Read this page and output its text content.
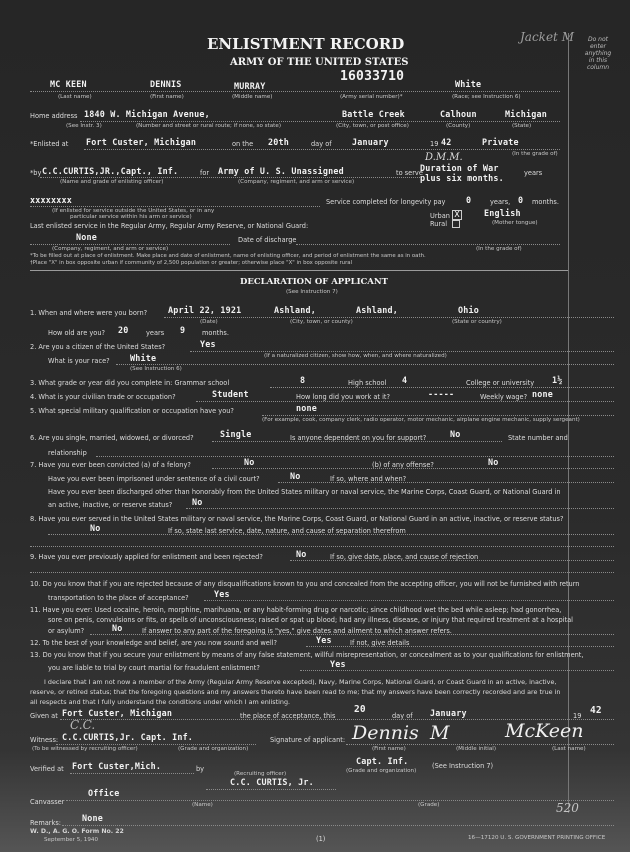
ENLISTMENT RECORD
ARMY OF THE UNITED STATES
Jacket M	Do not
enter
anything
in this
column
MC KEEN	DENNIS	MURRAY
16033710	White
(Last name)	(First name)	(Middle name)	(Army serial number)*	(Race; see Instruction 6)
Home address 1840 W. Michigan Avenue,	Battle Creek	Calhoun	Michigan
(See Instr. 3)	(Number and street or rural route; if none, so state)	(City, town, or post office)	(County)	(State)
*Enlisted at Fort Custer, Michigan	on the 20th	day of January	19 42	Private
(In the grade of)
D.M.M.
*by C.C.CURTIS,JR.,Capt., Inf.	for Army of U. S. Unassigned	to serve
Duration of War
plus six months.	years
(Name and grade of enlisting officer)	(Company, regiment, and arm or service)
xxxxxxxx
(If enlisted for service outside the United States, or in any
particular service within his arm or service)
Service completed for longevity pay 0	years, 0 months.
Urban X
Rural
English
(Mother tongue)
Last enlisted service in the Regular Army, Regular Army Reserve, or National Guard:
None	Date of discharge
(Company, regiment, and arm or service)	(In the grade of)
*To be filled out at place of enlistment. Make place and date of enlistment, name of enlisting officer, and period of enlistment the same as in oath.
†Place "X" in box opposite urban if community of 2,500 population or greater; otherwise place "X" in box opposite rural
DECLARATION OF APPLICANT
(See Instruction 7)
1. When and where were you born? April 22, 1921	Ashland,	Ashland,	Ohio
(Date)	(City, town, or county)	(State or country)
How old are you? 20	years 9	months.
2. Are you a citizen of the United States?	Yes
What is your race? White	(If a naturalized citizen, show how, when, and where naturalized)
(See Instruction 6)
3. What grade or year did you complete in: Grammar school	8	High school 4	College or university 1½
4. What is your civilian trade or occupation?	Student	How long did you work at it?	-----	Weekly wage? none
5. What special military qualification or occupation have you?	none
(For example, cook, company clerk, radio operator, motor mechanic, airplane engine mechanic, supply sergeant)
6. Are you single, married, widowed, or divorced?	Single	Is anyone dependent on you for support?	No	State number and
relationship
7. Have you ever been convicted (a) of a felony?	No	(b) of any offense?	No
Have you ever been imprisoned under sentence of a civil court?	No	If so, where and when?
Have you ever been discharged other than honorably from the United States military or naval service, the Marine Corps, Coast Guard, or National Guard in
an active, inactive, or reserve status? No
8. Have you ever served in the United States military or naval service, the Marine Corps, Coast Guard, or National Guard in an active, inactive, or reserve status?
No	If so, state last service, date, nature, and cause of separation therefrom
9. Have you ever previously applied for enlistment and been rejected?	No	If so, give date, place, and cause of rejection
10. Do you know that if you are rejected because of any disqualifications known to you and concealed from the accepting officer, you will not be furnished with return
transportation to the place of acceptance?	Yes
11. Have you ever: Used cocaine, heroin, morphine, marihuana, or any habit-forming drug or narcotic; since childhood wet the bed while asleep; had gonorrhea,
sore on penis, convulsions or fits, or spells of unconsciousness; raised or spat up blood; had any illness, disease, or injury that required treatment at a hospital
or asylum?	No	If answer to any part of the foregoing is "yes," give dates and ailment to which answer refers.
12. To the best of your knowledge and belief, are you now sound and well?	Yes	If not, give details
13. Do you know that if you secure your enlistment by means of any false statement, willful misrepresentation, or concealment as to your qualifications for enlistment,
you are liable to trial by court martial for fraudulent enlistment?	Yes
I declare that I am not now a member of the Army (Regular Army Reserve excepted), Navy, Marine Corps, National Guard, or Coast Guard in an active, inactive,
reserve, or retired status; that the foregoing questions and my answers thereto have been read to me; that my answers have been correctly recorded and are true in
all respects and that I fully understand the conditions under which I am enlisting.
Given at Fort Custer, Michigan	the place of acceptance, this
20
day of January	19 42
Witness: C.C.CURTIS,Jr. Capt. Inf.
C.C.
(To be witnessed by recruiting officer)	(Grade and organization)
Signature of applicant: Dennis M	McKeen
(First name)	(Middle initial)	(Last name)
Verified at Fort Custer,Mich.	by
(Recruiting officer)
Capt. Inf.
(Grade and organization)
(See Instruction 7)
C.C. CURTIS, Jr.
Canvasser
Office
(Name)	(Grade)	520
Remarks:	None
W. D., A. G. O. Form No. 22
September 5, 1940	(1)	16—17120 U. S. GOVERNMENT PRINTING OFFICE
